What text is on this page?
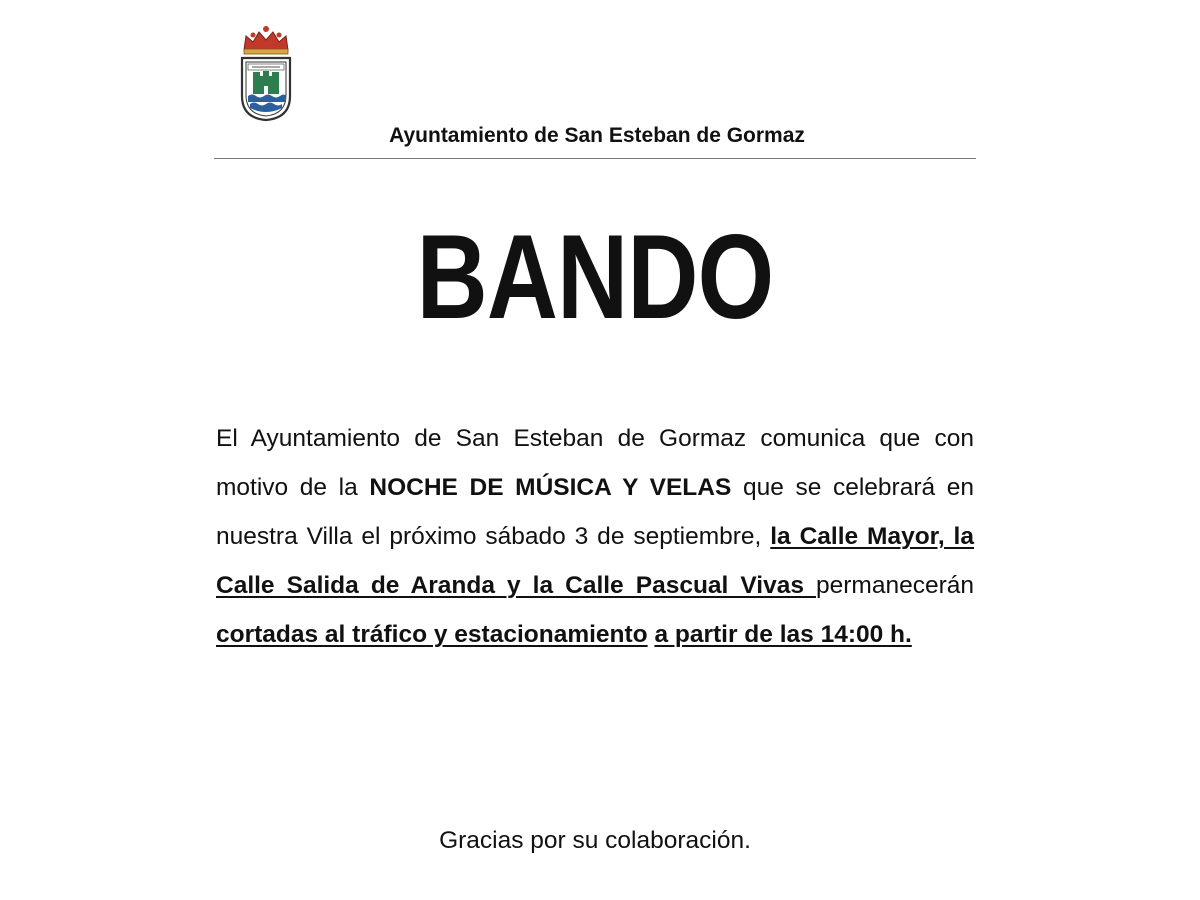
Ayuntamiento de San Esteban de Gormaz
BANDO
El Ayuntamiento de San Esteban de Gormaz comunica que con motivo de la NOCHE DE MÚSICA Y VELAS que se celebrará en nuestra Villa el próximo sábado 3 de septiembre, la Calle Mayor, la Calle Salida de Aranda y la Calle Pascual Vivas permanecerán cortadas al tráfico y estacionamiento a partir de las 14:00 h.
Gracias por su colaboración.
